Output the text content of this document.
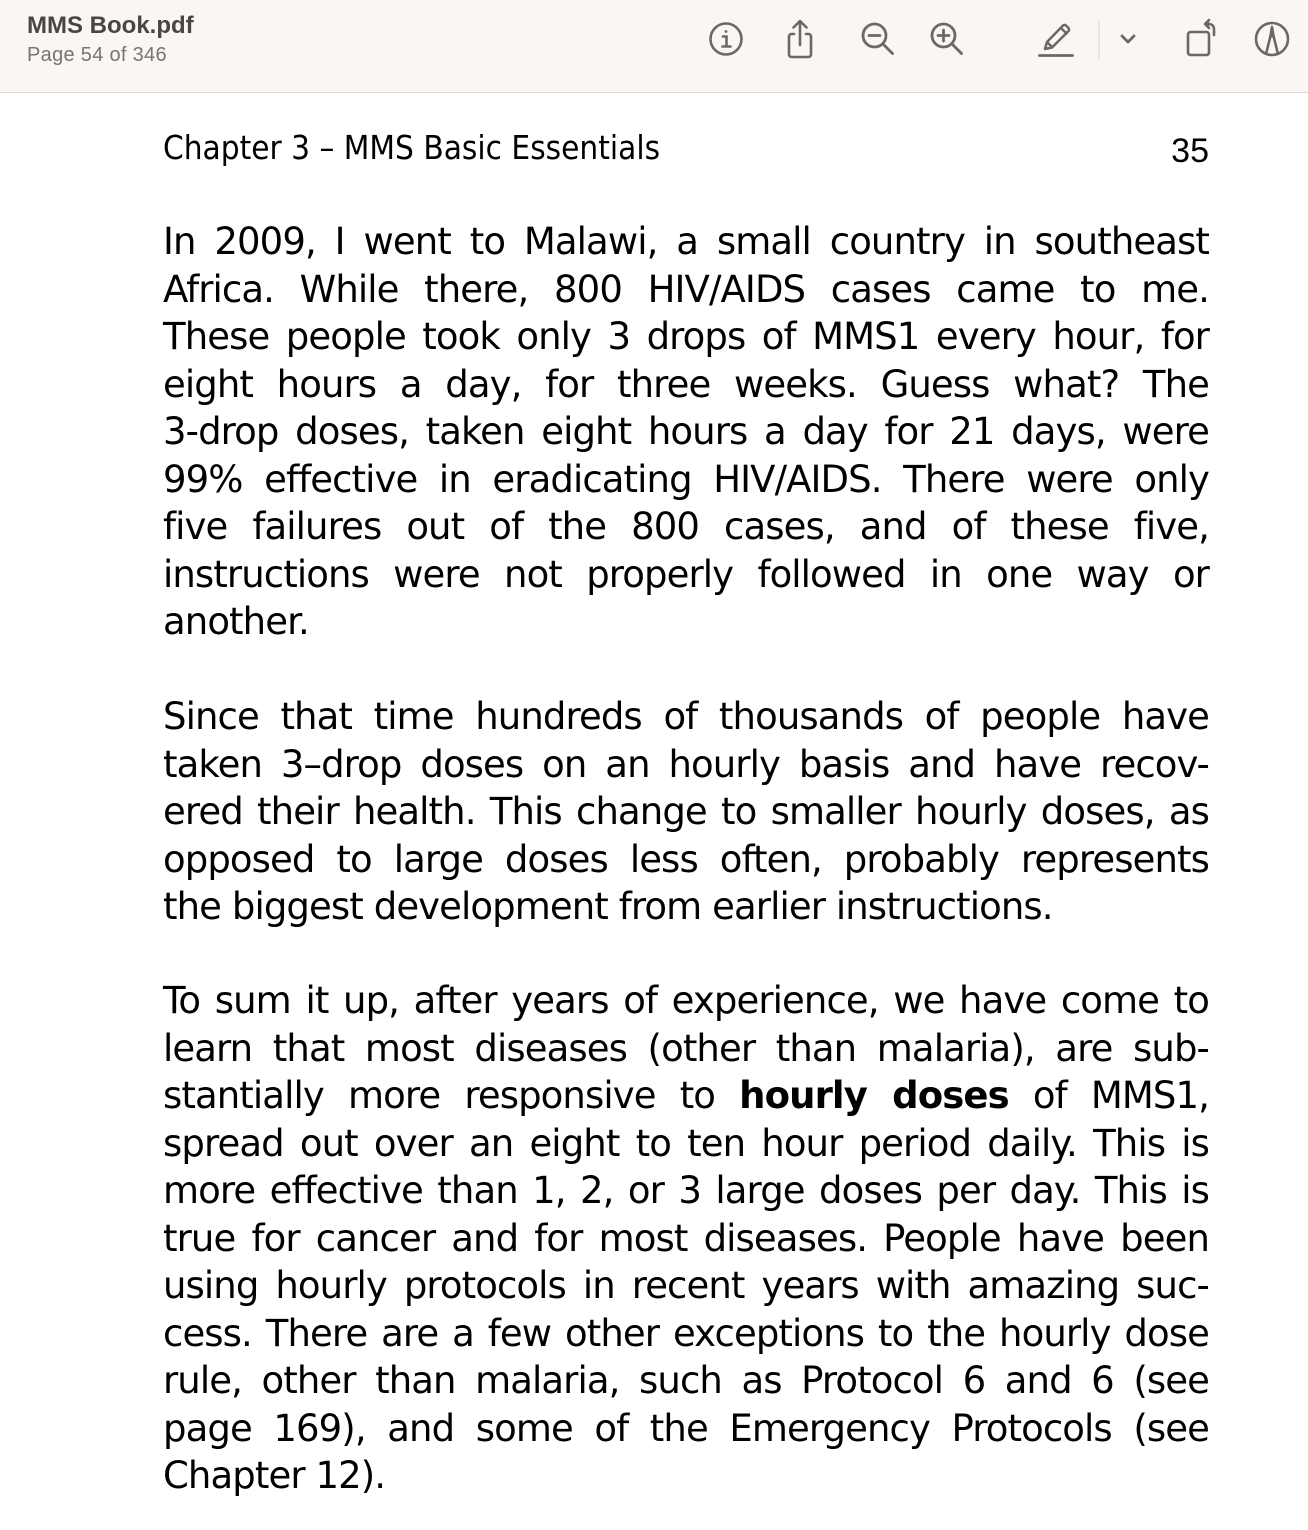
MMS Book.pdf
Page 54 of 346
Chapter 3 – MMS Basic Essentials	35
In 2009, I went to Malawi, a small country in southeast
Africa. While there, 800 HIV/AIDS cases came to me.
These people took only 3 drops of MMS1 every hour, for
eight hours a day, for three weeks. Guess what? The
3-drop doses, taken eight hours a day for 21 days, were
99% effective in eradicating HIV/AIDS. There were only
five failures out of the 800 cases, and of these five,
instructions were not properly followed in one way or
another.
Since that time hundreds of thousands of people have
taken 3–drop doses on an hourly basis and have recov-
ered their health. This change to smaller hourly doses, as
opposed to large doses less often, probably represents
the biggest development from earlier instructions.
To sum it up, after years of experience, we have come to
learn that most diseases (other than malaria), are sub-
stantially more responsive to hourly doses of MMS1,
spread out over an eight to ten hour period daily. This is
more effective than 1, 2, or 3 large doses per day. This is
true for cancer and for most diseases. People have been
using hourly protocols in recent years with amazing suc-
cess. There are a few other exceptions to the hourly dose
rule, other than malaria, such as Protocol 6 and 6 (see
page 169), and some of the Emergency Protocols (see
Chapter 12).
